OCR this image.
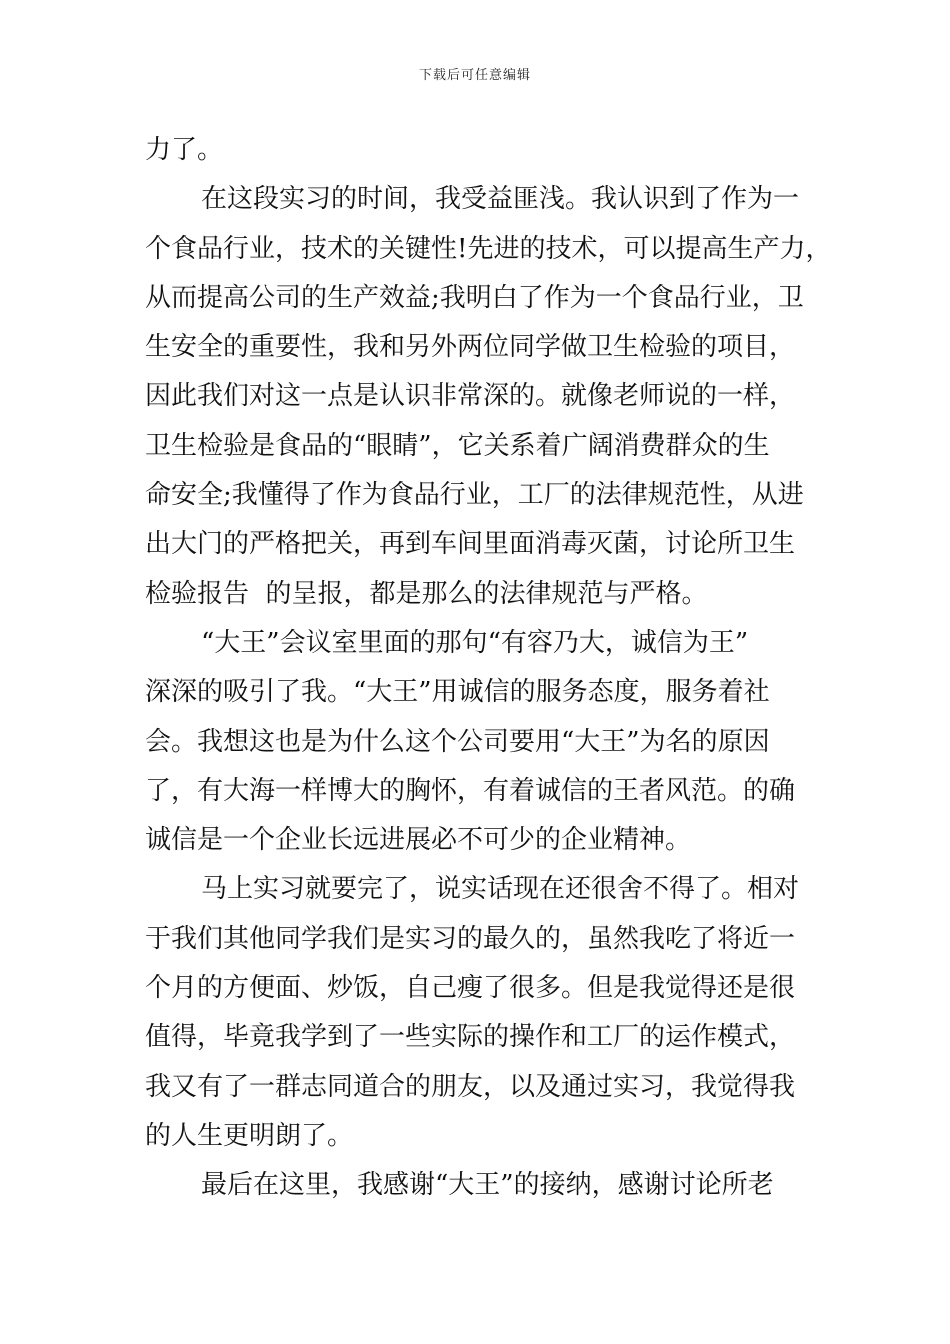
下载后可任意编辑
力了。
在这段实习的时间，我受益匪浅。我认识到了作为一
个食品行业，技术的关键性!先进的技术，可以提高生产力，
从而提高公司的生产效益;我明白了作为一个食品行业，卫
生安全的重要性，我和另外两位同学做卫生检验的项目，
因此我们对这一点是认识非常深的。就像老师说的一样，
卫生检验是食品的“眼睛”，它关系着广阔消费群众的生
命安全;我懂得了作为食品行业，工厂的法律规范性，从进
出大门的严格把关，再到车间里面消毒灭菌，讨论所卫生
检验报告  的呈报，都是那么的法律规范与严格。
“大王”会议室里面的那句“有容乃大，诚信为王”
深深的吸引了我。“大王”用诚信的服务态度，服务着社
会。我想这也是为什么这个公司要用“大王”为名的原因
了，有大海一样博大的胸怀，有着诚信的王者风范。的确
诚信是一个企业长远进展必不可少的企业精神。
马上实习就要完了，说实话现在还很舍不得了。相对
于我们其他同学我们是实习的最久的，虽然我吃了将近一
个月的方便面、炒饭，自己瘦了很多。但是我觉得还是很
值得，毕竟我学到了一些实际的操作和工厂的运作模式，
我又有了一群志同道合的朋友，以及通过实习，我觉得我
的人生更明朗了。
最后在这里，我感谢“大王”的接纳，感谢讨论所老
